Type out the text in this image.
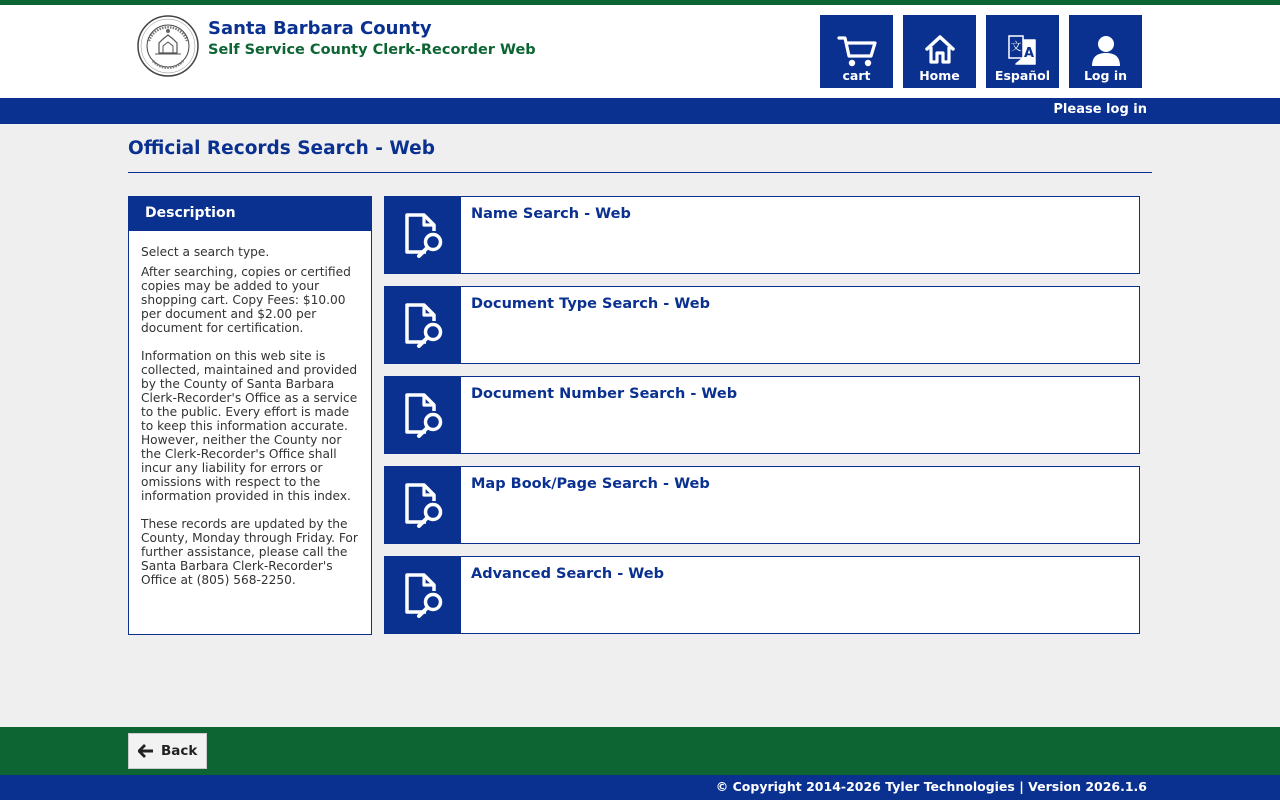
Santa Barbara County
Self Service County Clerk-Recorder Web
cart	Home
文 A
Español	Log in
Please log in
Official Records Search - Web
Description

Select a search type.

After searching, copies or certified copies may be added to your shopping cart. Copy Fees: $10.00 per document and $2.00 per document for certification.

Information on this web site is collected, maintained and provided by the County of Santa Barbara Clerk-Recorder's Office as a service to the public. Every effort is made to keep this information accurate. However, neither the County nor the Clerk-Recorder's Office shall incur any liability for errors or omissions with respect to the information provided in this index.

These records are updated by the County, Monday through Friday. For further assistance, please call the Santa Barbara Clerk-Recorder's Office at (805) 568-2250.

Name Search - Web
Document Type Search - Web
Document Number Search - Web
Map Book/Page Search - Web
Advanced Search - Web
Back
© Copyright 2014-2026 Tyler Technologies | Version 2026.1.6
